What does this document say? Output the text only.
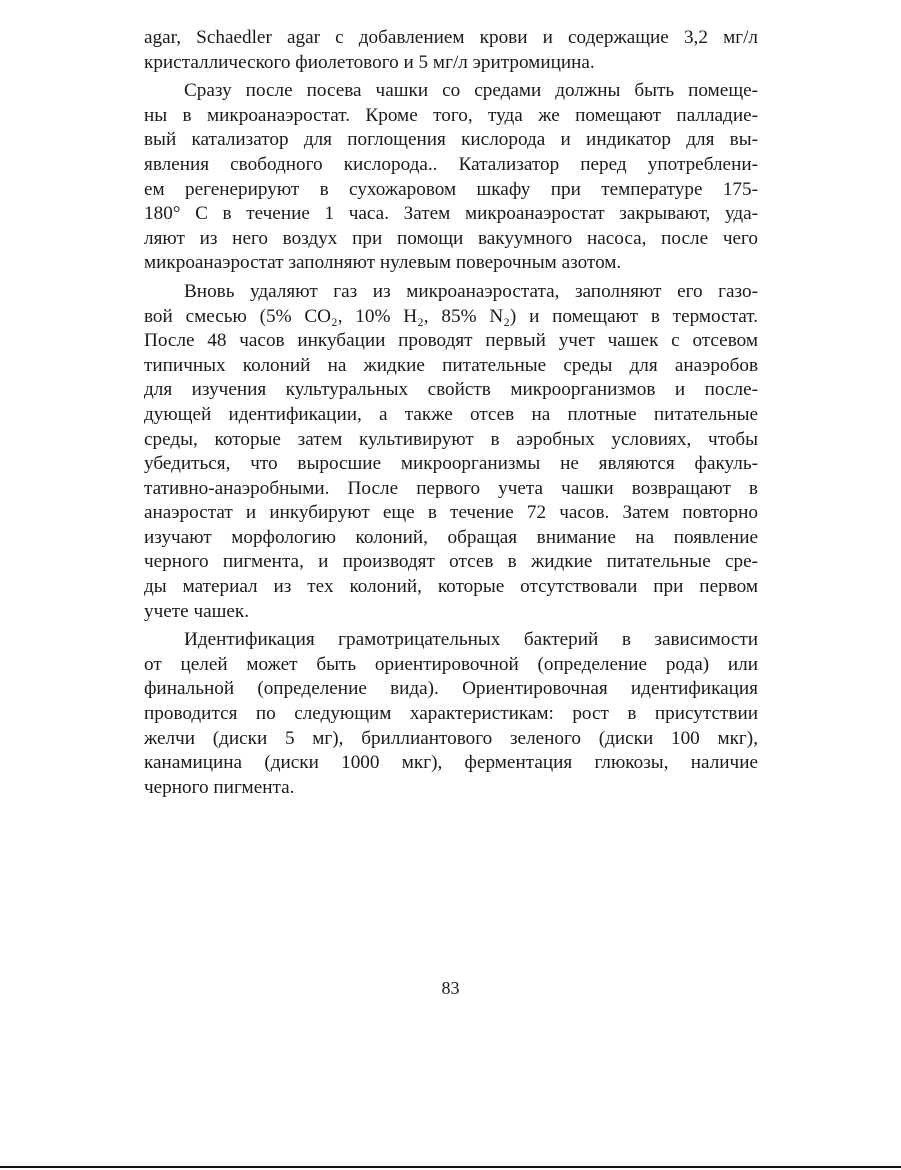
agar, Schaedler agar с добавлением крови и содержащие 3,2 мг/л
кристаллического фиолетового и 5 мг/л эритромицина.

Сразу после посева чашки со средами должны быть помеще-
ны в микроанаэростат. Кроме того, туда же помещают палладие-
вый катализатор для поглощения кислорода и индикатор для вы-
явления свободного кислорода.. Катализатор перед употреблени-
ем регенерируют в сухожаровом шкафу при температуре 175-
180° С в течение 1 часа. Затем микроанаэростат закрывают, уда-
ляют из него воздух при помощи вакуумного насоса, после чего
микроанаэростат заполняют нулевым поверочным азотом.

Вновь удаляют газ из микроанаэростата, заполняют его газо-
вой смесью (5% CO₂, 10% H₂, 85% N₂) и помещают в термостат.
После 48 часов инкубации проводят первый учет чашек с отсевом
типичных колоний на жидкие питательные среды для анаэробов
для изучения культуральных свойств микроорганизмов и после-
дующей идентификации, а также отсев на плотные питательные
среды, которые затем культивируют в аэробных условиях, чтобы
убедиться, что выросшие микроорганизмы не являются факуль-
тативно-анаэробными. После первого учета чашки возвращают в
анаэростат и инкубируют еще в течение 72 часов. Затем повторно
изучают морфологию колоний, обращая внимание на появление
черного пигмента, и производят отсев в жидкие питательные сре-
ды материал из тех колоний, которые отсутствовали при первом
учете чашек.

Идентификация грамотрицательных бактерий в зависимости
от целей может быть ориентировочной (определение рода) или
финальной (определение вида). Ориентировочная идентификация
проводится по следующим характеристикам: рост в присутствии
желчи (диски 5 мг), бриллиантового зеленого (диски 100 мкг),
канамицина (диски 1000 мкг), ферментация глюкозы, наличие
черного пигмента.

83
